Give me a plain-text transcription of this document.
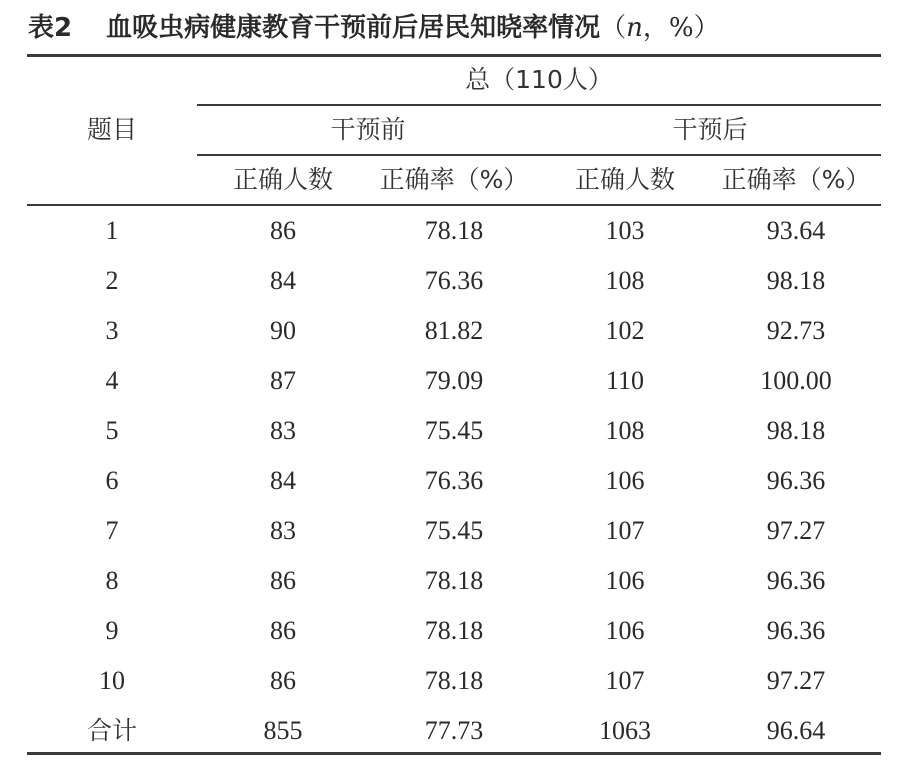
表2 血吸虫病健康教育干预前后居民知晓率情况 （n，%）
总（110人）
题目	干预前	干预后
正确人数	正确率（%）	正确人数	正确率（%）
1	86	78.18	103	93.64
2	84	76.36	108	98.18
3	90	81.82	102	92.73
4	87	79.09	110	100.00
5	83	75.45	108	98.18
6	84	76.36	106	96.36
7	83	75.45	107	97.27
8	86	78.18	106	96.36
9	86	78.18	106	96.36
10	86	78.18	107	97.27
合计	855	77.73	1063	96.64
